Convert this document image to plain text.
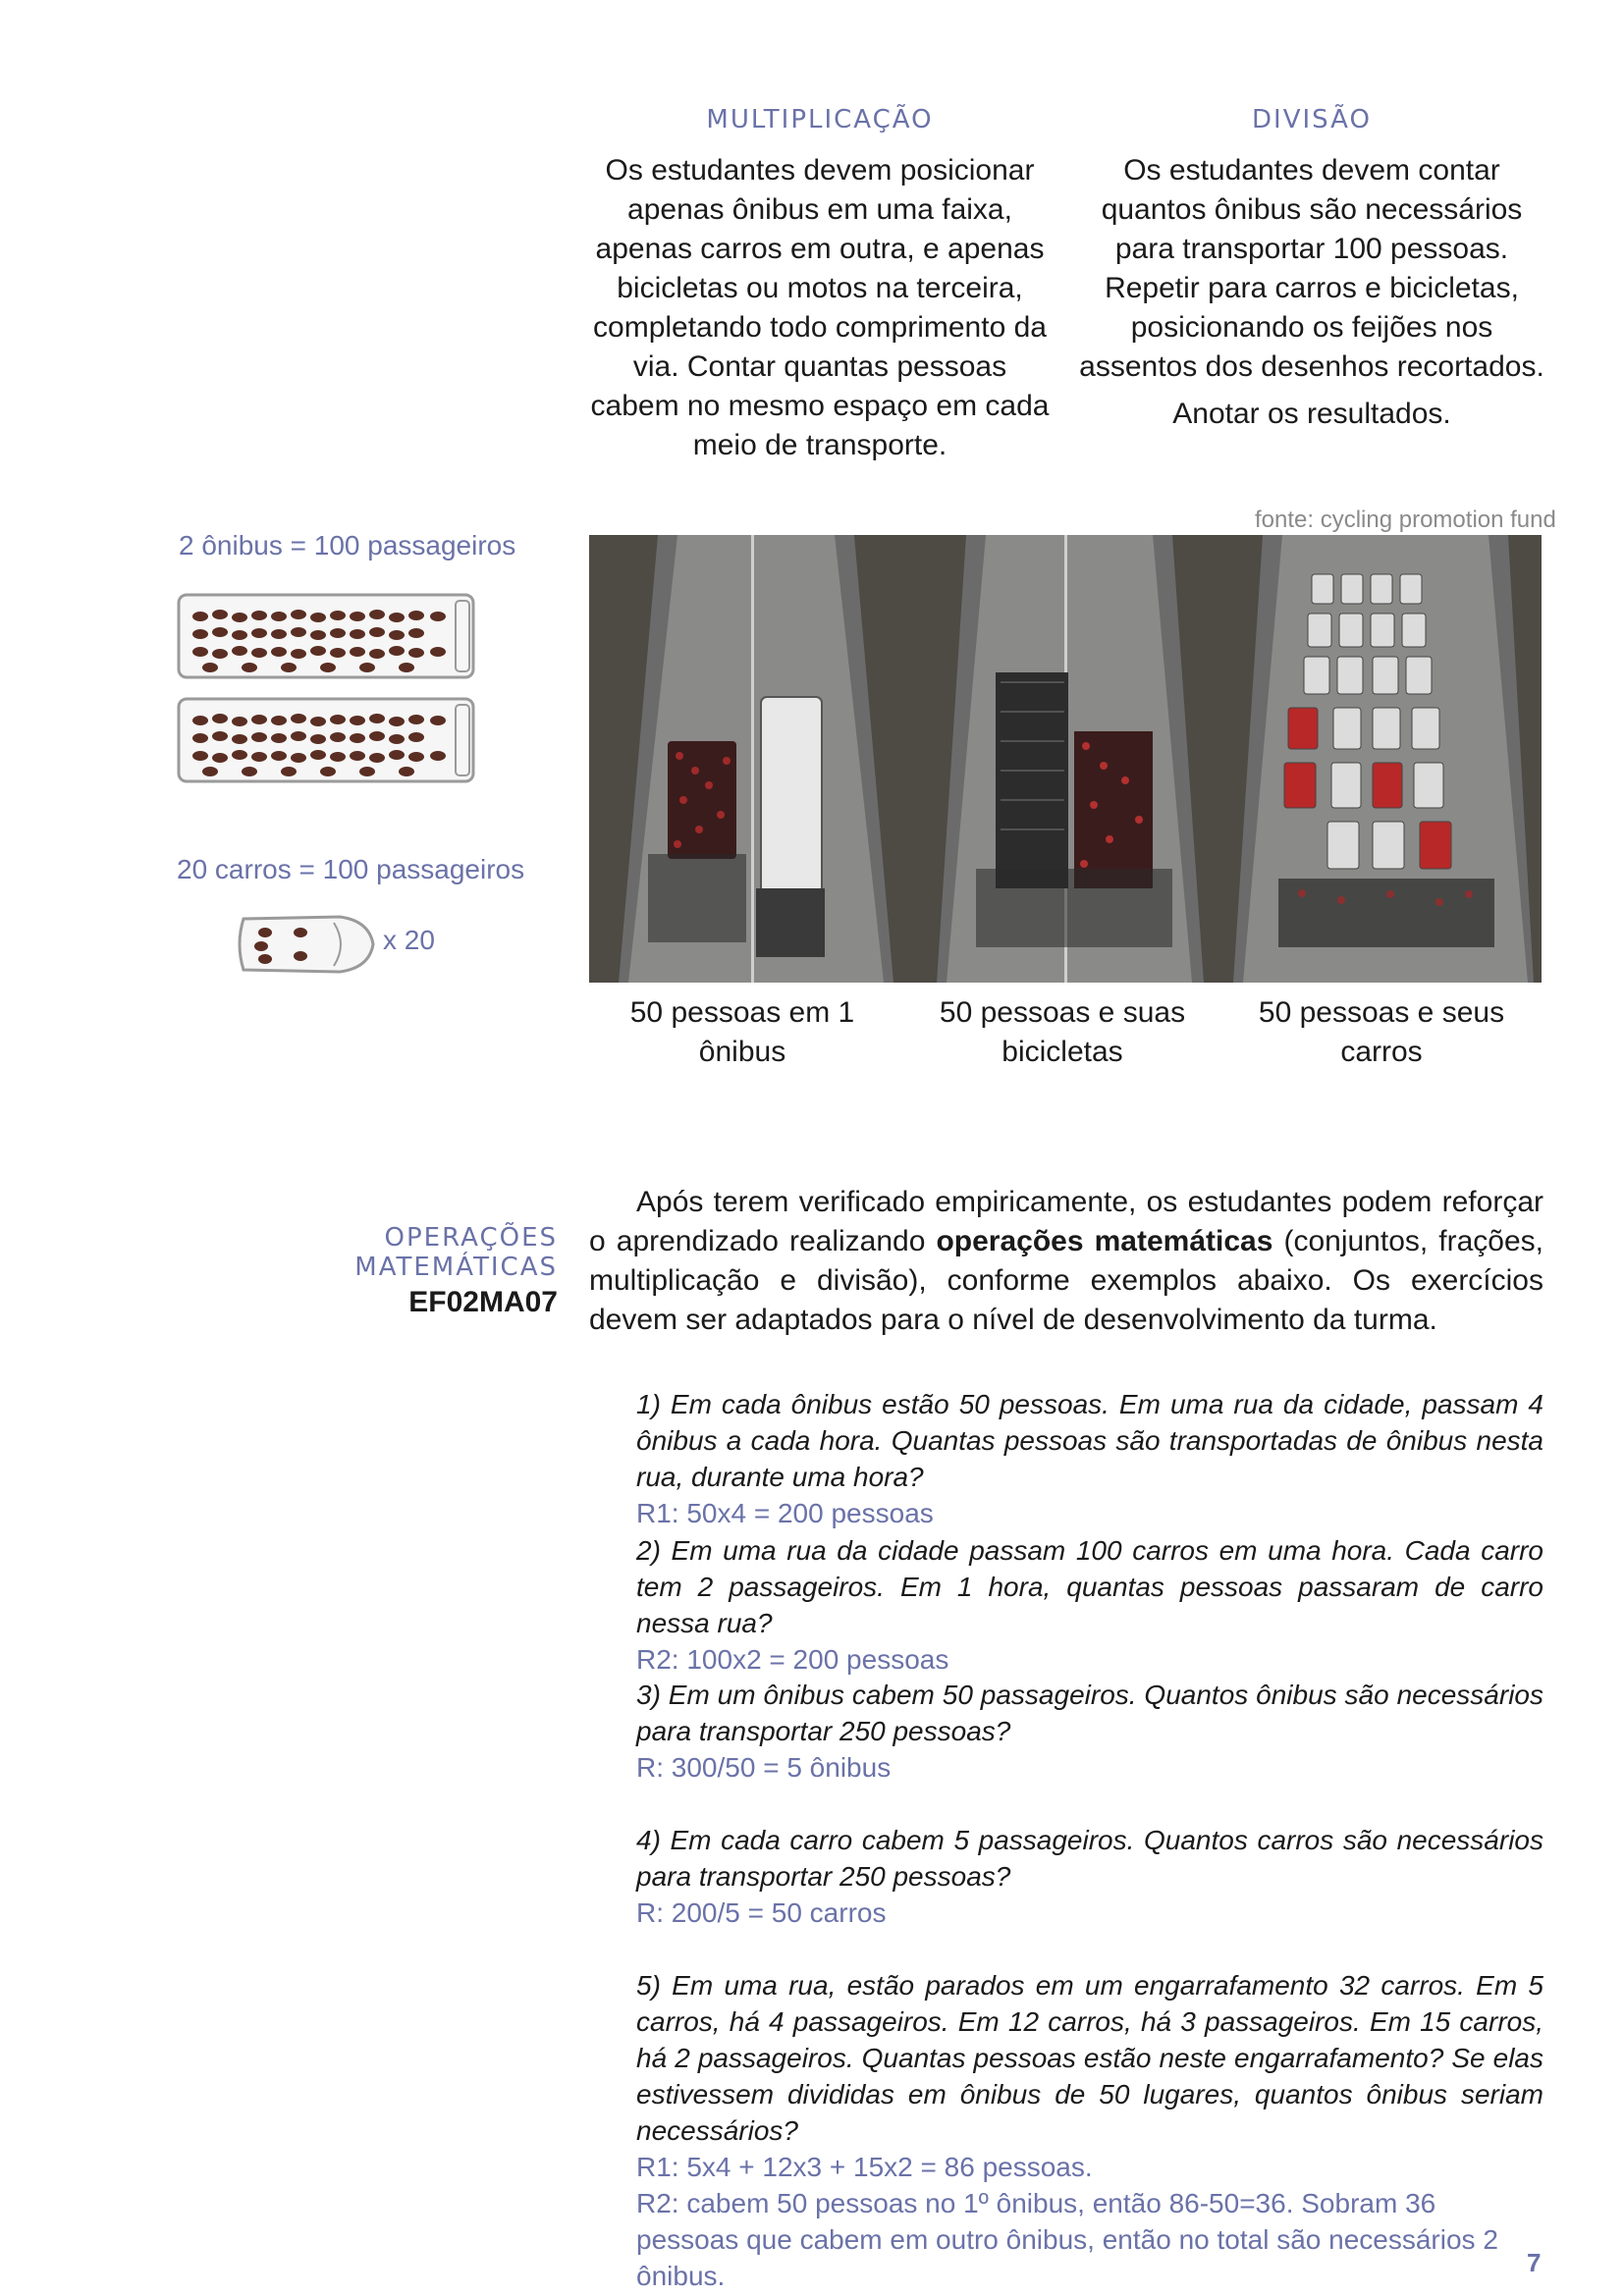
MULTIPLICAÇÃO

Os estudantes devem posicionar apenas ônibus em uma faixa, apenas carros em outra, e apenas bicicletas ou motos na terceira, completando todo comprimento da via. Contar quantas pessoas cabem no mesmo espaço em cada meio de transporte.

DIVISÃO

Os estudantes devem contar quantos ônibus são necessários para transportar 100 pessoas. Repetir para carros e bicicletas, posicionando os feijões nos assentos dos desenhos recortados.

Anotar os resultados.

2 ônibus = 100 passageiros
20 carros = 100 passageiros
x 20
fonte: cycling promotion fund
50 pessoas em 1 ônibus
50 pessoas e suas bicicletas
50 pessoas e seus carros
OPERAÇÕES MATEMÁTICAS
EF02MA07
Após terem verificado empiricamente, os estudantes podem reforçar o aprendizado realizando operações matemáticas (conjuntos, frações, multiplicação e divisão), conforme exemplos abaixo. Os exercícios devem ser adaptados para o nível de desenvolvimento da turma.
1) Em cada ônibus estão 50 pessoas. Em uma rua da cidade, passam 4 ônibus a cada hora. Quantas pessoas são transportadas de ônibus nesta rua, durante uma hora?
R1: 50x4 = 200 pessoas
2) Em uma rua da cidade passam 100 carros em uma hora. Cada carro tem 2 passageiros. Em 1 hora, quantas pessoas passaram de carro nessa rua?
R2: 100x2 = 200 pessoas
3) Em um ônibus cabem 50 passageiros. Quantos ônibus são necessários para transportar 250 pessoas?
R: 300/50 = 5 ônibus
4) Em cada carro cabem 5 passageiros. Quantos carros são necessários para transportar 250 pessoas?
R: 200/5 = 50 carros
5) Em uma rua, estão parados em um engarrafamento 32 carros. Em 5 carros, há 4 passageiros. Em 12 carros, há 3 passageiros. Em 15 carros, há 2 passageiros. Quantas pessoas estão neste engarrafamento? Se elas estivessem divididas em ônibus de 50 lugares, quantos ônibus seriam necessários?
R1: 5x4 + 12x3 + 15x2 = 86 pessoas.
R2: cabem 50 pessoas no 1º ônibus, então 86-50=36. Sobram 36 pessoas que cabem em outro ônibus, então no total são necessários 2 ônibus.	7
